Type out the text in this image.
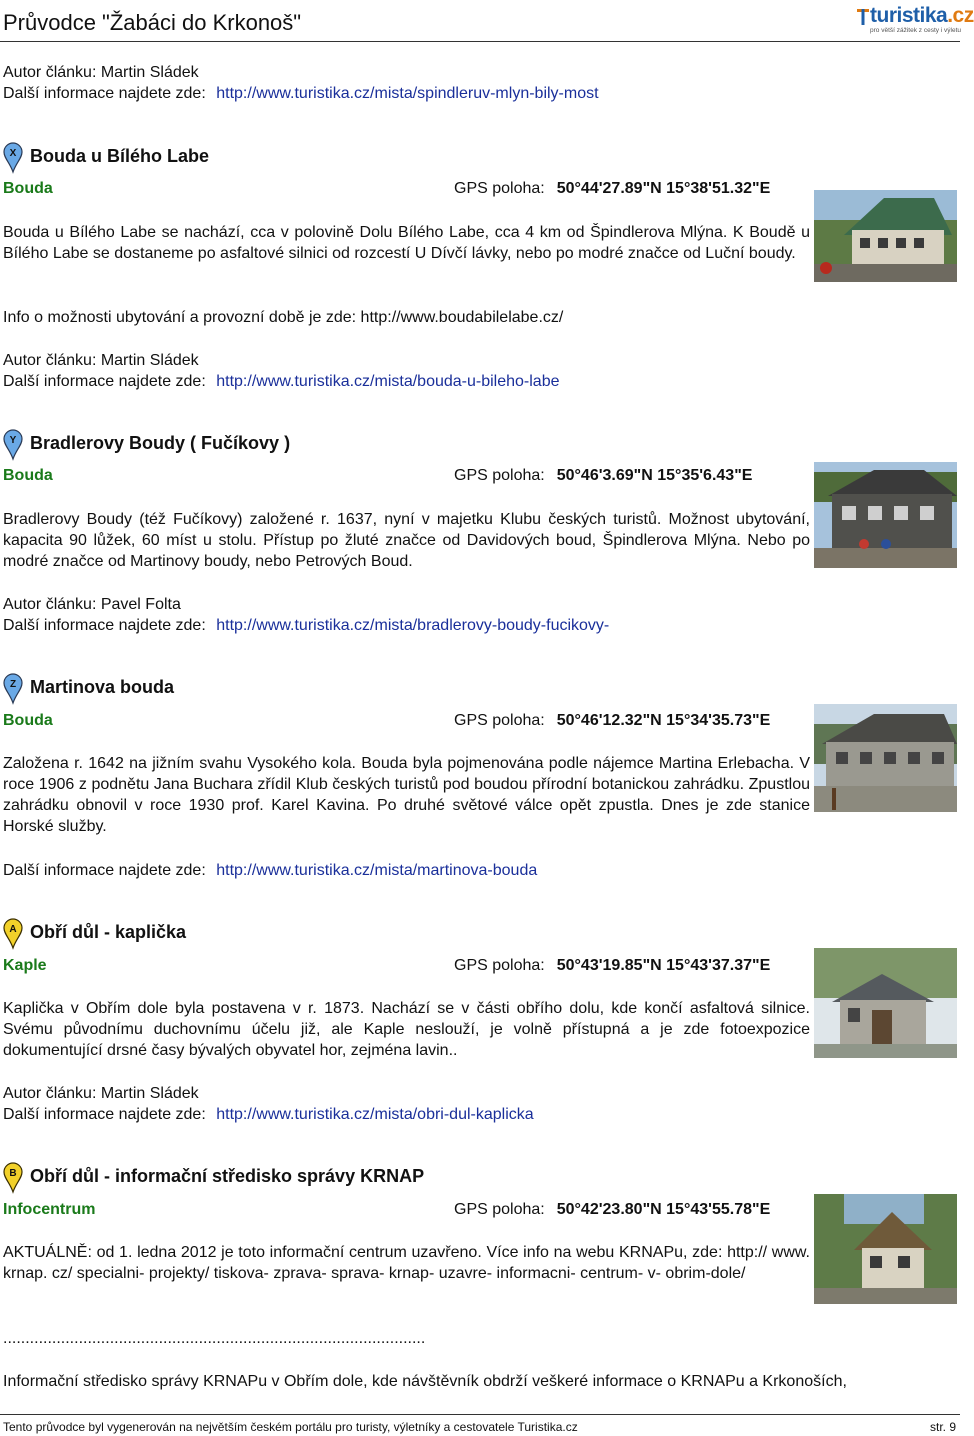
Průvodce "Žabáci do Krkonoš"	turistika.cz
pro větší zážitek z cesty i výletu
Autor článku: Martin Sládek
Další informace najdete zde: http://www.turistika.cz/mista/spindleruv-mlyn-bily-most
X Bouda u Bílého Labe
Bouda	GPS poloha: 50°44'27.89"N 15°38'51.32"E
Bouda u Bílého Labe se nachází, cca v polovině Dolu Bílého Labe, cca 4 km od Špindlerova Mlýna. K Boudě u Bílého Labe se dostaneme po asfaltové silnici od rozcestí U Dívčí lávky, nebo po modré značce od Luční boudy.
Info o možnosti ubytování a provozní době je zde: http://www.boudabilelabe.cz/
Autor článku: Martin Sládek
Další informace najdete zde: http://www.turistika.cz/mista/bouda-u-bileho-labe
Y Bradlerovy Boudy ( Fučíkovy )
Bouda	GPS poloha: 50°46'3.69"N 15°35'6.43"E
Bradlerovy Boudy (též Fučíkovy) založené r. 1637, nyní v majetku Klubu českých turistů. Možnost ubytování, kapacita 90 lůžek, 60 míst u stolu. Přístup po žluté značce od Davidových boud, Špindlerova Mlýna. Nebo po modré značce od Martinovy boudy, nebo Petrových Boud.
Autor článku: Pavel Folta
Další informace najdete zde: http://www.turistika.cz/mista/bradlerovy-boudy-fucikovy-
Z Martinova bouda
Bouda	GPS poloha: 50°46'12.32"N 15°34'35.73"E
Založena r. 1642 na jižním svahu Vysokého kola. Bouda byla pojmenována podle nájemce Martina Erlebacha. V roce 1906 z podnětu Jana Buchara zřídil Klub českých turistů pod boudou přírodní botanickou zahrádku. Zpustlou zahrádku obnovil v roce 1930 prof. Karel Kavina. Po druhé světové válce opět zpustla. Dnes je zde stanice Horské služby.
Další informace najdete zde: http://www.turistika.cz/mista/martinova-bouda
A Obří důl - kaplička
Kaple	GPS poloha: 50°43'19.85"N 15°43'37.37"E
Kaplička v Obřím dole byla postavena v r. 1873. Nachází se v části obřího dolu, kde končí asfaltová silnice. Svému původnímu duchovnímu účelu již, ale Kaple neslouží, je volně přístupná a je zde fotoexpozice dokumentující drsné časy bývalých obyvatel hor, zejména lavin..
Autor článku: Martin Sládek
Další informace najdete zde: http://www.turistika.cz/mista/obri-dul-kaplicka
B Obří důl - informační středisko správy KRNAP
Infocentrum	GPS poloha: 50°42'23.80"N 15°43'55.78"E
AKTUÁLNĚ: od 1. ledna 2012 je toto informační centrum uzavřeno. Více info na webu KRNAPu, zde: http:// www. krnap. cz/ specialni- projekty/ tiskova- zprava- sprava- krnap- uzavre- informacni- centrum- v- obrim-dole/
...............................................................................................
Informační středisko správy KRNAPu v Obřím dole, kde návštěvník obdrží veškeré informace o KRNAPu a Krkonoších,
Tento průvodce byl vygenerován na největším českém portálu pro turisty, výletníky a cestovatele Turistika.cz	str. 9
